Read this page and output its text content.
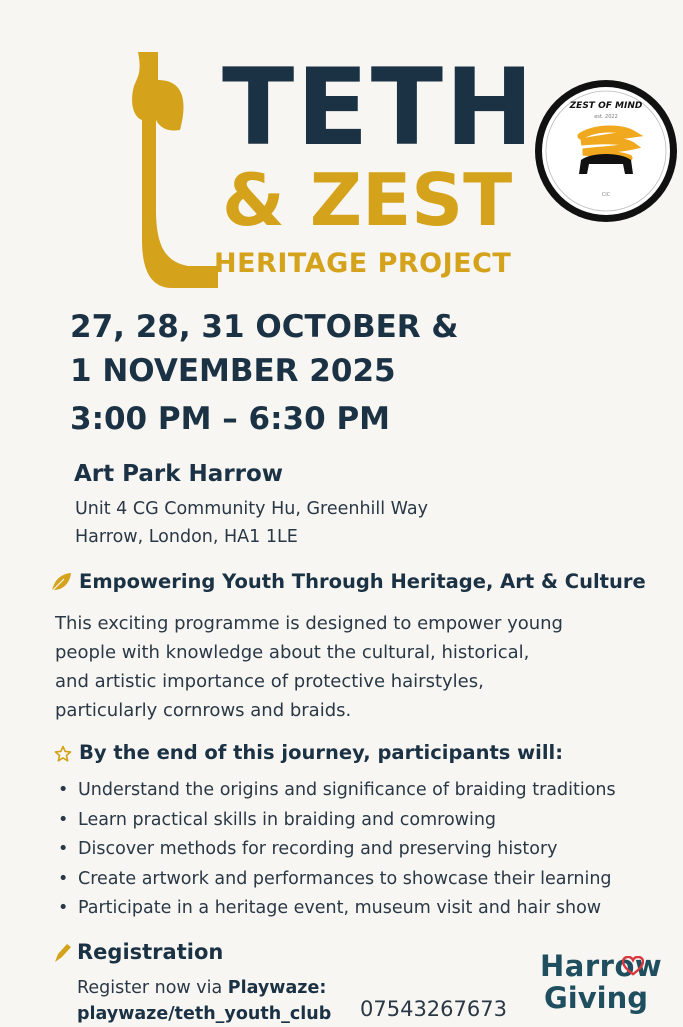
TETH
& ZEST
HERITAGE PROJECT
ZEST OF MIND
est. 2022
CIC
27, 28, 31 OCTOBER &
1 NOVEMBER 2025
3:00 PM – 6:30 PM
Art Park Harrow
Unit 4 CG Community Hu, Greenhill Way
Harrow, London, HA1 1LE
Empowering Youth Through Heritage, Art & Culture
This exciting programme is designed to empower young
people with knowledge about the cultural, historical,
and artistic importance of protective hairstyles,
particularly cornrows and braids.
By the end of this journey, participants will:
• Understand the origins and significance of braiding traditions
• Learn practical skills in braiding and comrowing
• Discover methods for recording and preserving history
• Create artwork and performances to showcase their learning
• Participate in a heritage event, museum visit and hair show
Registration
Register now via Playwaze:
playwaze/teth_youth_club 07543267673
Harrow
Giving
